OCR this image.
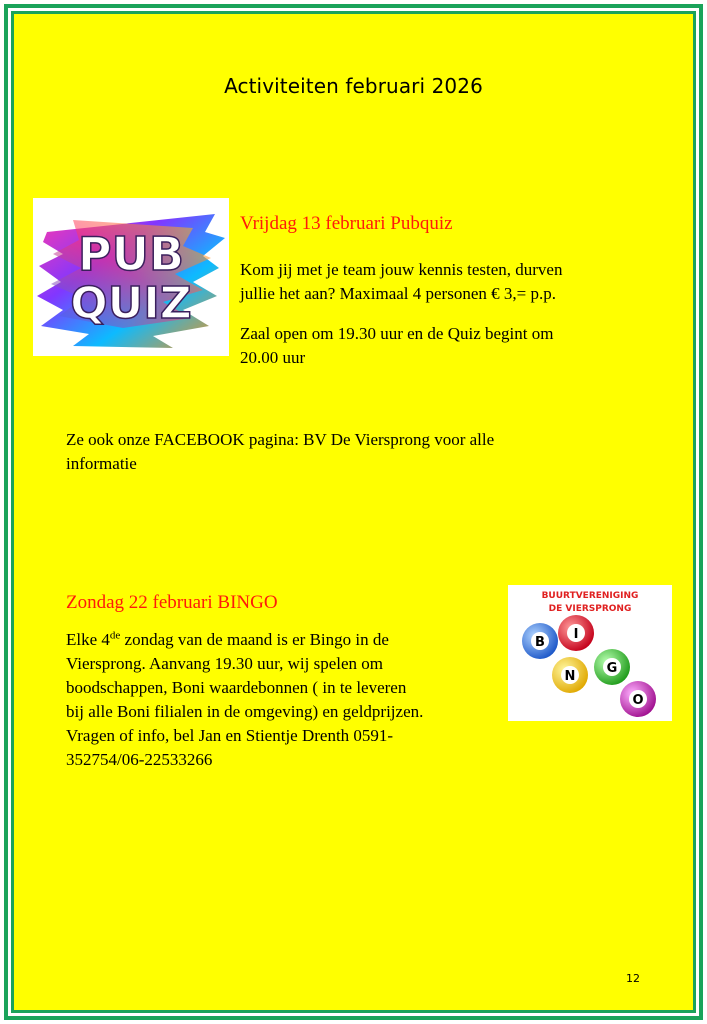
Activiteiten februari 2026
PUB
QUIZ
Vrijdag 13 februari Pubquiz
Kom jij met je team jouw kennis testen, durven
jullie het aan? Maximaal 4 personen € 3,= p.p.
Zaal open om 19.30 uur en de Quiz begint om
20.00 uur
Ze ook onze FACEBOOK pagina: BV De Viersprong voor alle
informatie
Zondag 22 februari BINGO
Elke 4de zondag van de maand is er Bingo in de
Viersprong. Aanvang 19.30 uur, wij spelen om
boodschappen, Boni waardebonnen ( in te leveren
bij alle Boni filialen in de omgeving) en geldprijzen.
Vragen of info, bel Jan en Stientje Drenth 0591-
352754/06-22533266
BUURTVERENIGING
DE VIERSPRONG
B
I
N
G
O
12
